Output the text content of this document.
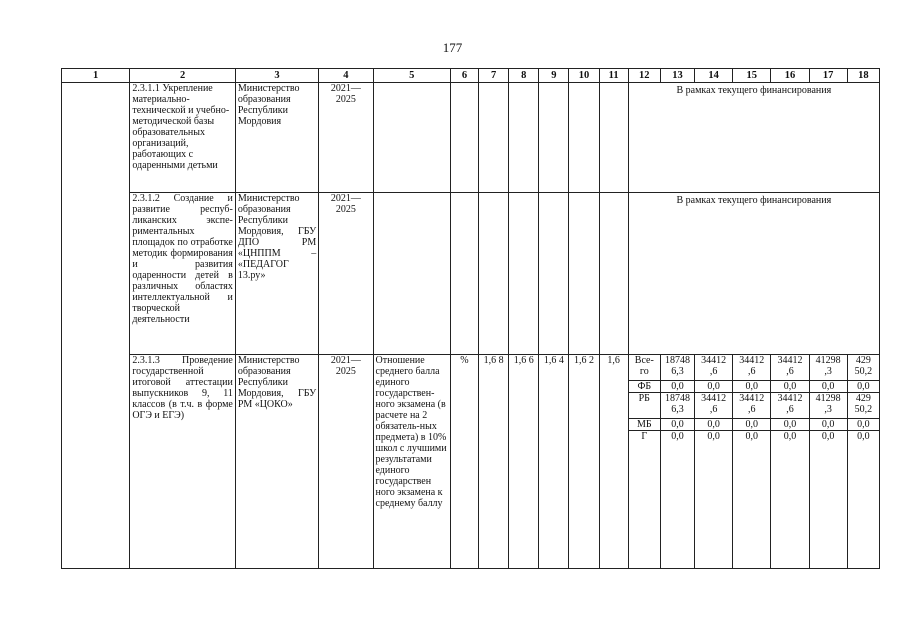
177
1	2	3	4	5	6	7	8	9	10	11	12	13	14	15	16	17	18
	2.3.1.1 Укрепление материально-технической и учебно-методической базы образовательных организаций, работающих с одаренными детьми	Министерство образования Республики Мордовия	2021—2025								В рамках текущего финансирования						
	2.3.1.2 Создание и развитие респуб-ликанских экспе-риментальных площадок по отработке методик формирования и развития одаренности детей в различных областях интеллектуальной и творческой деятельности	Министерство образования Республики Мордовия, ГБУ ДПО РМ «ЦНППМ – «ПЕДАГОГ 13.ру»	2021—2025								В рамках текущего финансирования						
	2.3.1.3 Проведение государственной итоговой аттестации выпускников 9, 11 классов (в т.ч. в форме ОГЭ и ЕГЭ)	Министерство образования Республики Мордовия, ГБУ РМ «ЦОКО»	2021—2025	Отношение среднего балла единого государствен-ного экзамена (в расчете на 2 обязатель-ных предмета) в 10% школ с лучшими результатами единого государствен ного экзамена к среднему баллу	%	1,6 8	1,6 6	1,6 4	1,6 2	1,6	Все-го	18748 6,3	34412 ,6	34412 ,6	34412 ,6	41298 ,3	429 50,2
											ФБ	0,0	0,0	0,0	0,0	0,0	0,0
											РБ	18748 6,3	34412 ,6	34412 ,6	34412 ,6	41298 ,3	429 50,2
											МБ	0,0	0,0	0,0	0,0	0,0	0,0
											Г	0,0	0,0	0,0	0,0	0,0	0,0
